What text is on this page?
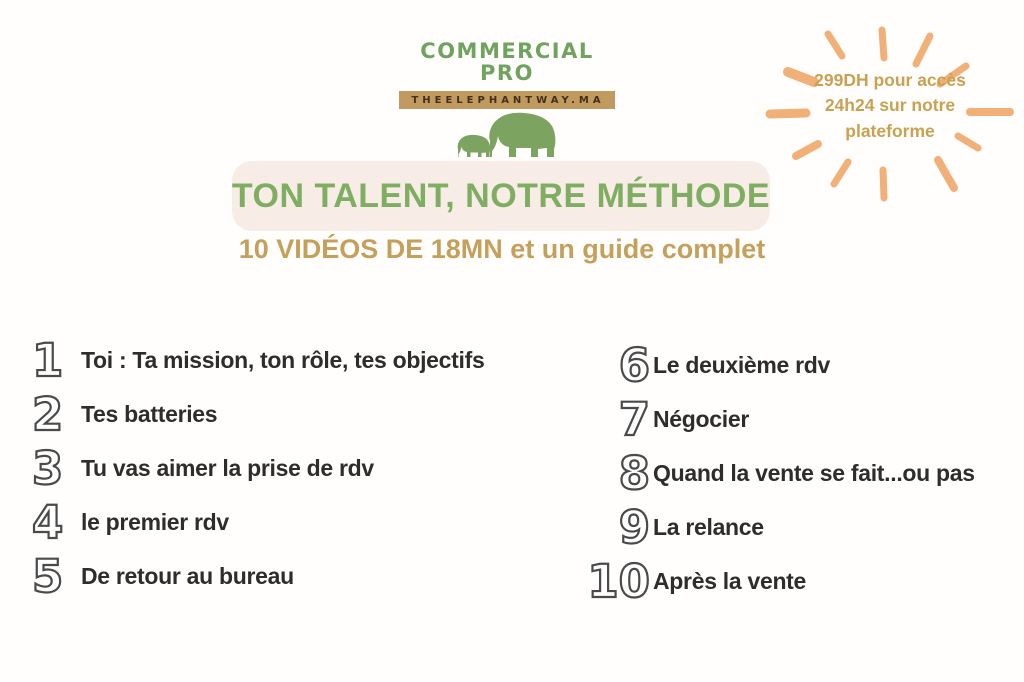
COMMERCIAL
PRO
THEELEPHANTWAY.MA
299DH pour accès
24h24 sur notre
plateforme
TON TALENT, NOTRE MÉTHODE
10 VIDÉOS DE 18MN et un guide complet
1 Toi : Ta mission, ton rôle, tes objectifs
2 Tes batteries
3 Tu vas aimer la prise de rdv
4 le premier rdv
5 De retour au bureau
6 Le deuxième rdv
7 Négocier
8 Quand la vente se fait...ou pas
9 La relance
10 Après la vente
